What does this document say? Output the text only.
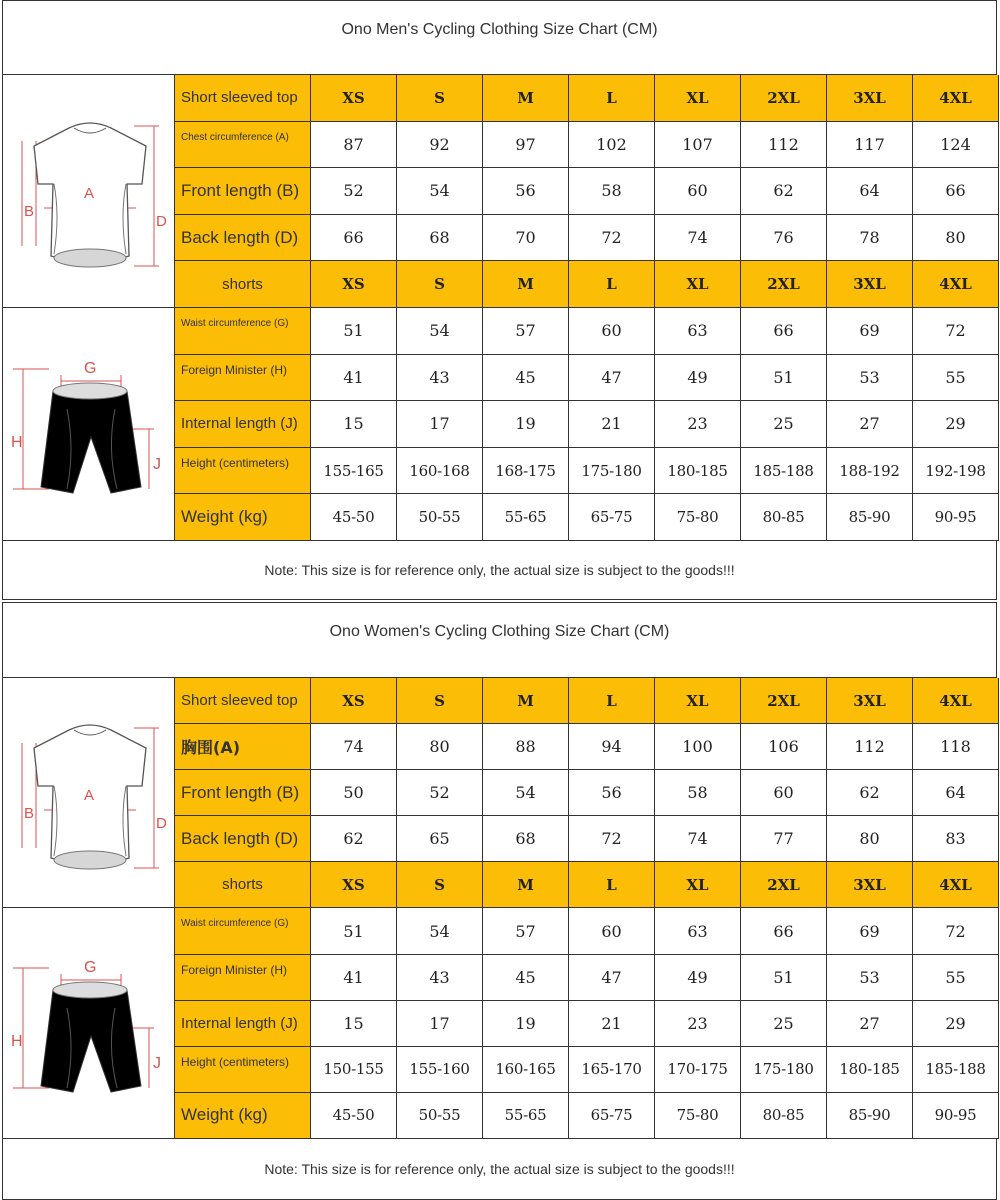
Ono Men's Cycling Clothing Size Chart (CM)
A
B
D
G
H
J
Short sleeved top	XS	S	M	L	XL	2XL	3XL	4XL
Chest circumference (A)	87	92	97	102	107	112	117	124
Front length (B)	52	54	56	58	60	62	64	66
Back length (D)	66	68	70	72	74	76	78	80
shorts	XS	S	M	L	XL	2XL	3XL	4XL
Waist circumference (G)	51	54	57	60	63	66	69	72
Foreign Minister (H)	41	43	45	47	49	51	53	55
Internal length (J)	15	17	19	21	23	25	27	29
Height (centimeters)	155-165	160-168	168-175	175-180	180-185	185-188	188-192	192-198
Weight (kg)	45-50	50-55	55-65	65-75	75-80	80-85	85-90	90-95
Note: This size is for reference only, the actual size is subject to the goods!!!
Ono Women's Cycling Clothing Size Chart (CM)
A
B
D
G
H
J
Short sleeved top	XS	S	M	L	XL	2XL	3XL	4XL
胸围(A)	74	80	88	94	100	106	112	118
Front length (B)	50	52	54	56	58	60	62	64
Back length (D)	62	65	68	72	74	77	80	83
shorts	XS	S	M	L	XL	2XL	3XL	4XL
Waist circumference (G)	51	54	57	60	63	66	69	72
Foreign Minister (H)	41	43	45	47	49	51	53	55
Internal length (J)	15	17	19	21	23	25	27	29
Height (centimeters)	150-155	155-160	160-165	165-170	170-175	175-180	180-185	185-188
Weight (kg)	45-50	50-55	55-65	65-75	75-80	80-85	85-90	90-95
Note: This size is for reference only, the actual size is subject to the goods!!!
